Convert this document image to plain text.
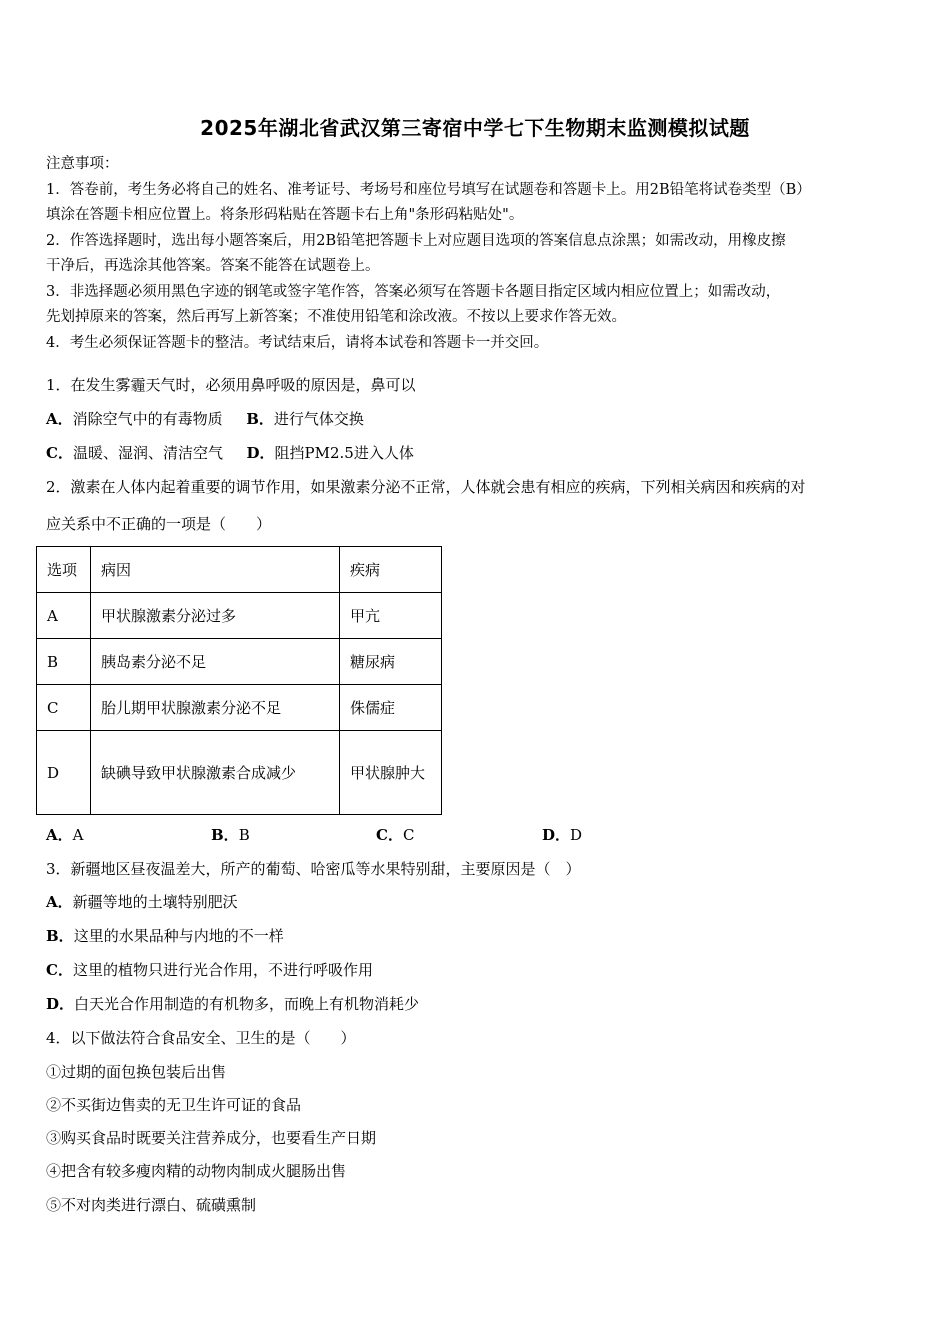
2025年湖北省武汉第三寄宿中学七下生物期末监测模拟试题

注意事项：

1．答卷前，考生务必将自己的姓名、准考证号、考场号和座位号填写在试题卷和答题卡上。用2B铅笔将试卷类型（B）

填涂在答题卡相应位置上。将条形码粘贴在答题卡右上角"条形码粘贴处"。

2．作答选择题时，选出每小题答案后，用2B铅笔把答题卡上对应题目选项的答案信息点涂黑；如需改动，用橡皮擦

干净后，再选涂其他答案。答案不能答在试题卷上。

3．非选择题必须用黑色字迹的钢笔或签字笔作答，答案必须写在答题卡各题目指定区域内相应位置上；如需改动，

先划掉原来的答案，然后再写上新答案；不准使用铅笔和涂改液。不按以上要求作答无效。

4．考生必须保证答题卡的整洁。考试结束后，请将本试卷和答题卡一并交回。

1．在发生雾霾天气时，必须用鼻呼吸的原因是，鼻可以
A．消除空气中的有毒物质 B．进行气体交换
C．温暖、湿润、清洁空气 D．阻挡PM2.5进入人体
2．激素在人体内起着重要的调节作用，如果激素分泌不正常，人体就会患有相应的疾病，下列相关病因和疾病的对
应关系中不正确的一项是（　　）
选项	病因	疾病
A	甲状腺激素分泌过多	甲亢
B	胰岛素分泌不足	糖尿病
C	胎儿期甲状腺激素分泌不足	侏儒症
D	缺碘导致甲状腺激素合成减少	甲状腺肿大
A．A	B．B	C．C	D．D
3．新疆地区昼夜温差大，所产的葡萄、哈密瓜等水果特别甜，主要原因是（　）
A．新疆等地的土壤特别肥沃
B．这里的水果品种与内地的不一样
C．这里的植物只进行光合作用，不进行呼吸作用
D．白天光合作用制造的有机物多，而晚上有机物消耗少
4．以下做法符合食品安全、卫生的是（　　）
①过期的面包换包装后出售
②不买街边售卖的无卫生许可证的食品
③购买食品时既要关注营养成分，也要看生产日期
④把含有较多瘦肉精的动物肉制成火腿肠出售
⑤不对肉类进行漂白、硫磺熏制
